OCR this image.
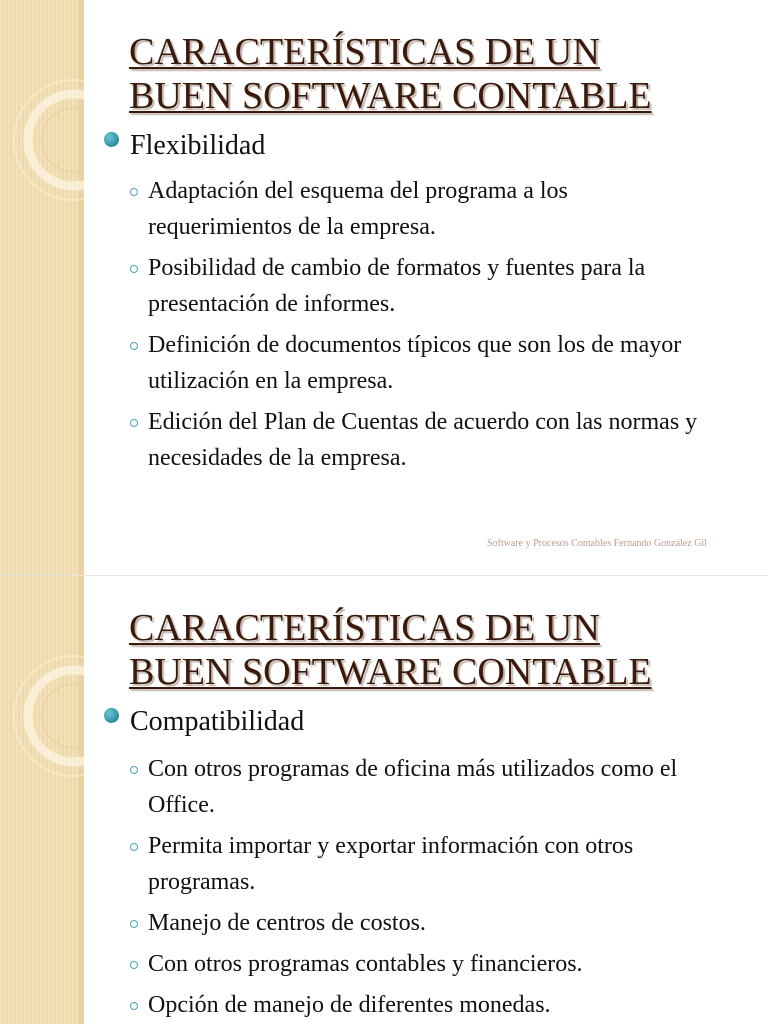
CARACTERÍSTICAS DE UN
BUEN SOFTWARE CONTABLE
Flexibilidad
Adaptación del esquema del programa a los requerimientos de la empresa.
Posibilidad de cambio de formatos y fuentes para la presentación de informes.
Definición de documentos típicos que son los de mayor utilización en la empresa.
Edición del Plan de Cuentas de acuerdo con las normas y necesidades de la empresa.
Software y Procesos Contables Fernando González Gil
CARACTERÍSTICAS DE UN
BUEN SOFTWARE CONTABLE
Compatibilidad
Con otros programas de oficina más utilizados como el Office.
Permita importar y exportar información con otros programas.
Manejo de centros de costos.
Con otros programas contables y financieros.
Opción de manejo de diferentes monedas.
